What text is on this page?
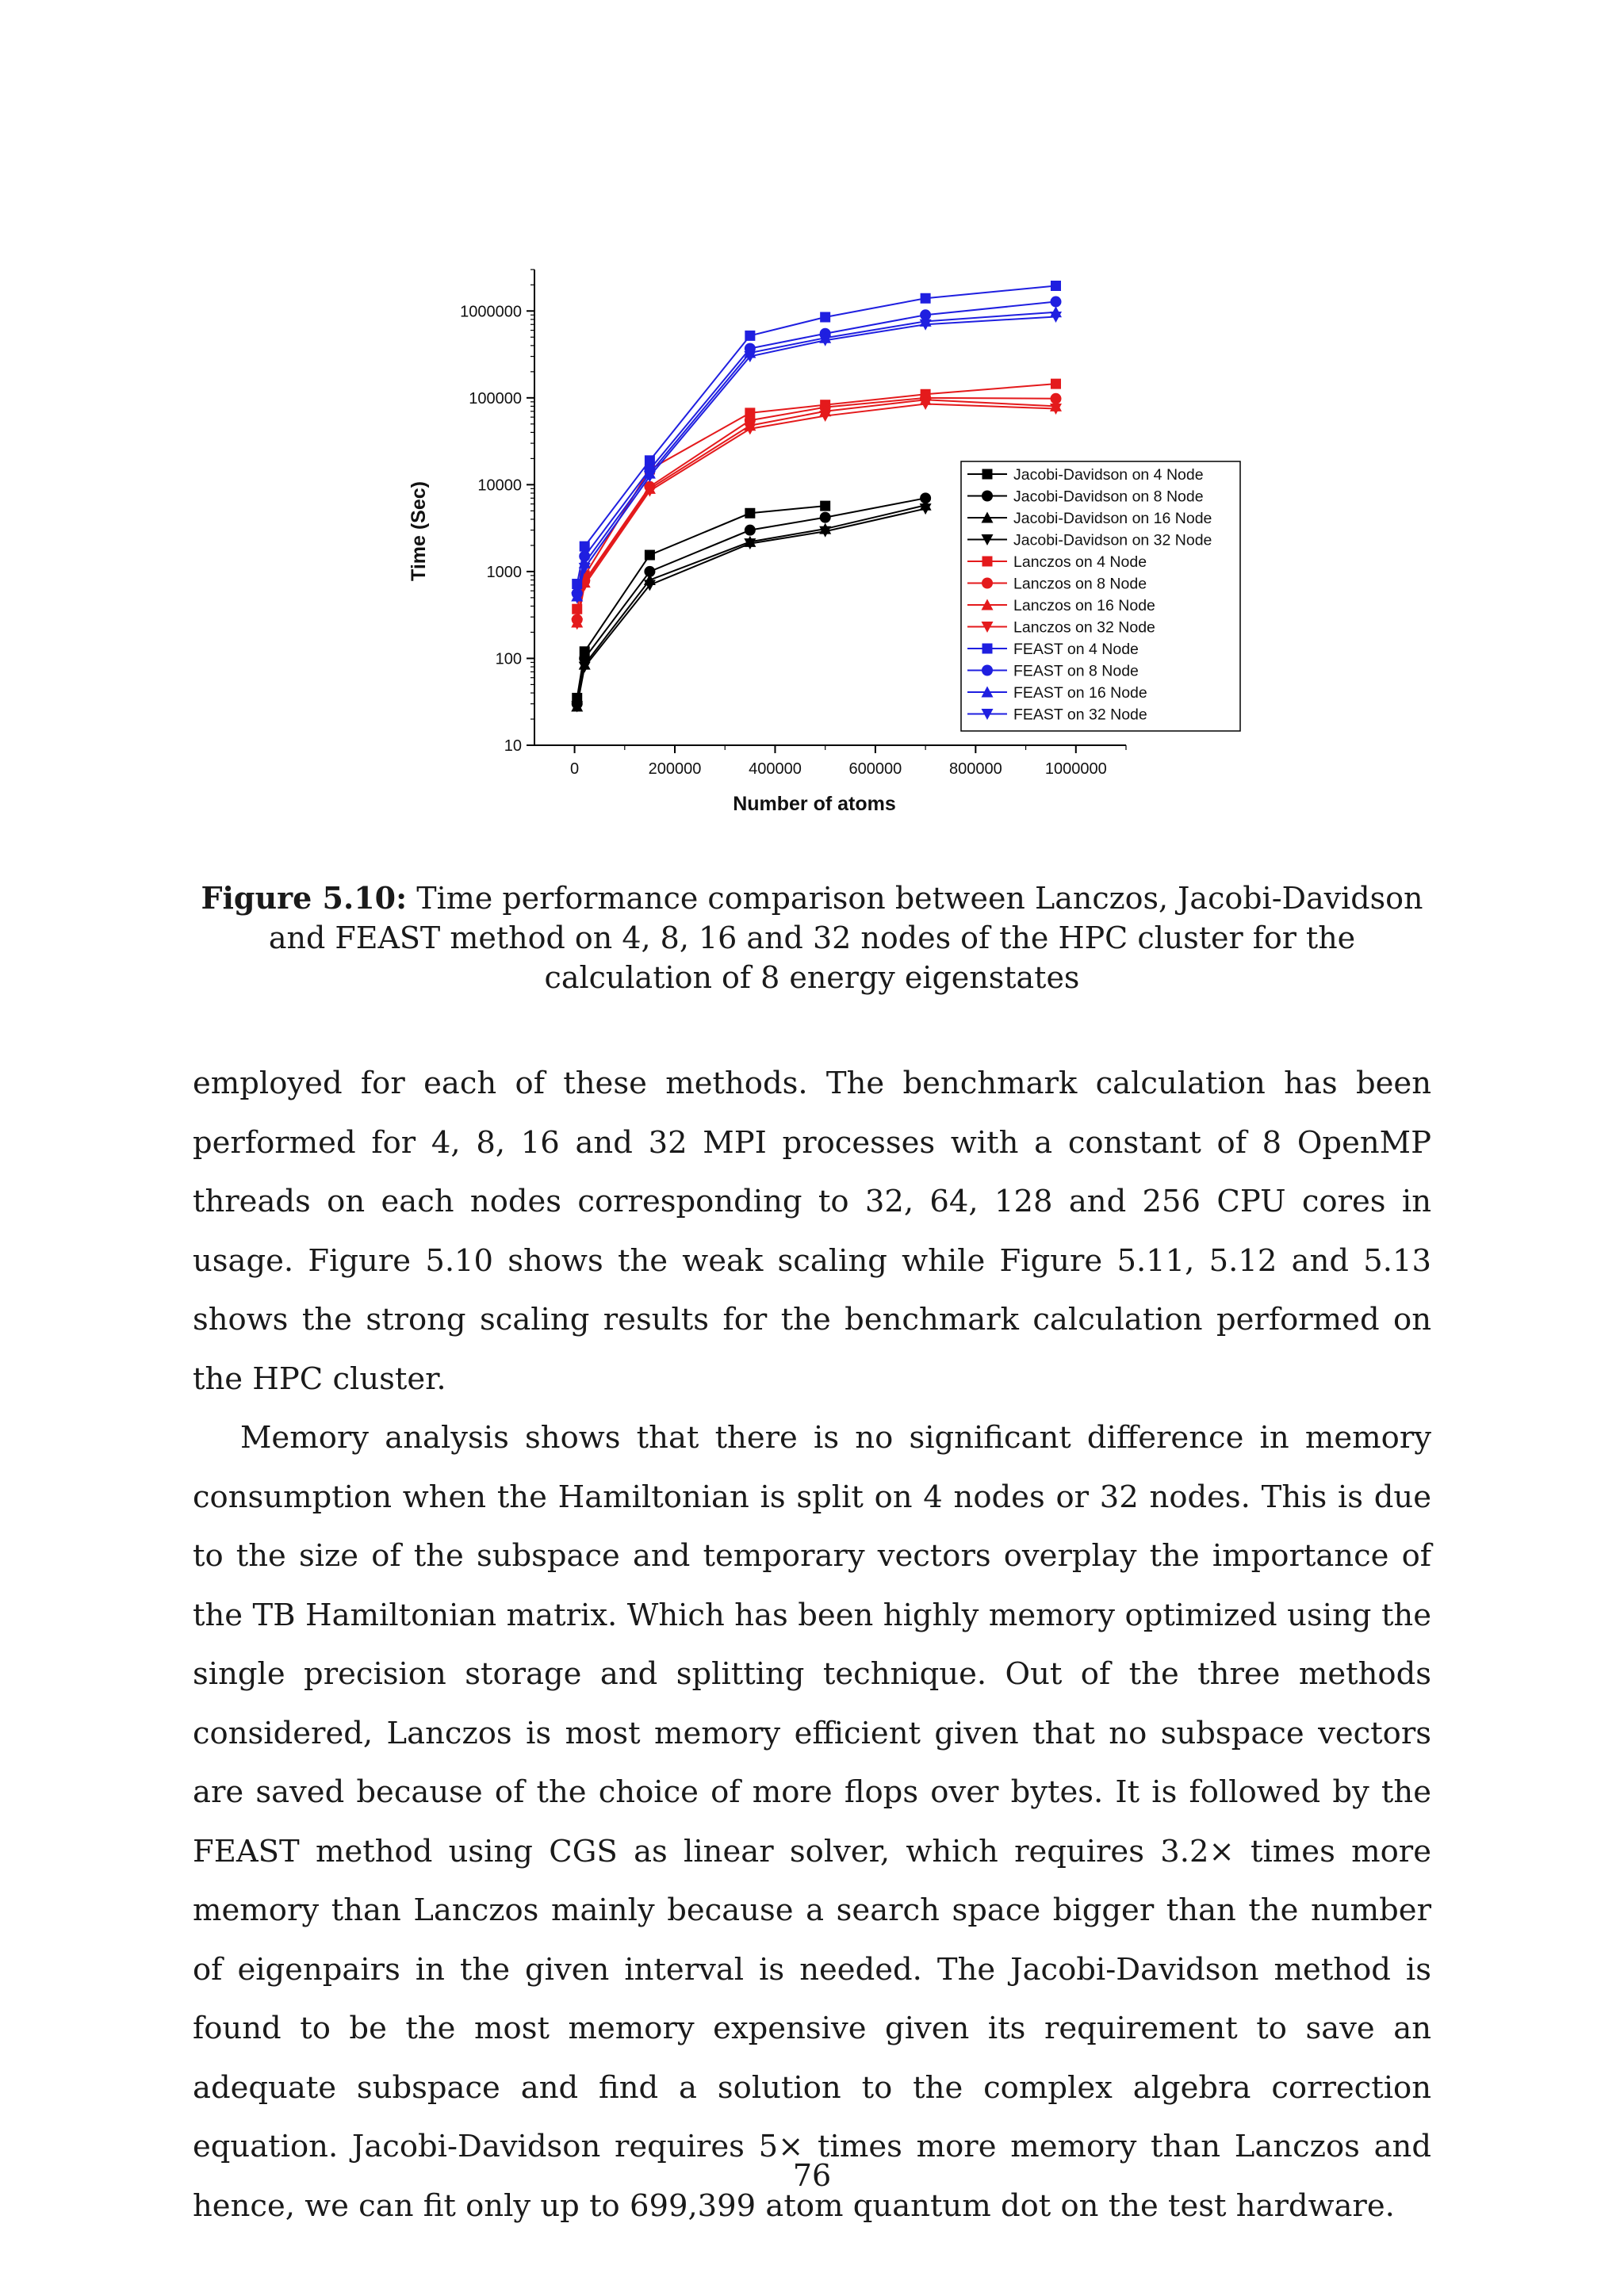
10
100
1000
10000
100000
1000000
0	200000	400000	600000	800000	1000000
Number of atoms
Time (Sec)
Jacobi-Davidson on 4 Node
Jacobi-Davidson on 8 Node
Jacobi-Davidson on 16 Node
Jacobi-Davidson on 32 Node
Lanczos on 4 Node
Lanczos on 8 Node
Lanczos on 16 Node
Lanczos on 32 Node
FEAST on 4 Node
FEAST on 8 Node
FEAST on 16 Node
FEAST on 32 Node
Figure 5.10: Time performance comparison between Lanczos, Jacobi-Davidson and FEAST method on 4, 8, 16 and 32 nodes of the HPC cluster for the calculation of 8 energy eigenstates

employed for each of these methods. The benchmark calculation has been performed for 4, 8, 16 and 32 MPI processes with a constant of 8 OpenMP threads on each nodes corresponding to 32, 64, 128 and 256 CPU cores in usage. Figure 5.10 shows the weak scaling while Figure 5.11, 5.12 and 5.13 shows the strong scaling results for the benchmark calculation performed on the HPC cluster.

Memory analysis shows that there is no significant difference in memory consumption when the Hamiltonian is split on 4 nodes or 32 nodes. This is due to the size of the subspace and temporary vectors overplay the importance of the TB Hamiltonian matrix. Which has been highly memory optimized using the single precision storage and splitting technique. Out of the three methods considered, Lanczos is most memory efficient given that no subspace vectors are saved because of the choice of more flops over bytes. It is followed by the FEAST method using CGS as linear solver, which requires 3.2× times more memory than Lanczos mainly because a search space bigger than the number of eigenpairs in the given interval is needed. The Jacobi-Davidson method is found to be the most memory expensive given its requirement to save an adequate subspace and find a solution to the complex algebra correction equation. Jacobi-Davidson requires 5× times more memory than Lanczos and hence, we can fit only up to 699,399 atom quantum dot on the test hardware.

76
